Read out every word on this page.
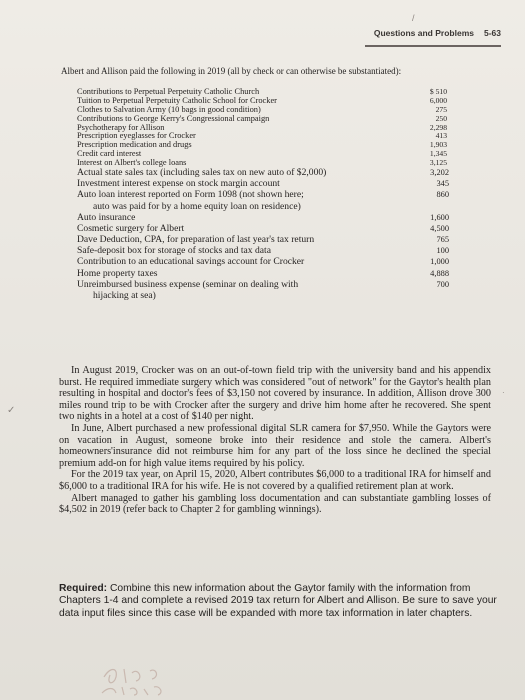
Questions and Problems 5-63
/
Albert and Allison paid the following in 2019 (all by check or can otherwise be substantiated):
Contributions to Perpetual Perpetuity Catholic Church	$ 510
Tuition to Perpetual Perpetuity Catholic School for Crocker	6,000
Clothes to Salvation Army (10 bags in good condition)	275
Contributions to George Kerry's Congressional campaign	250
Psychotherapy for Allison	2,298
Prescription eyeglasses for Crocker	413
Prescription medication and drugs	1,903
Credit card interest	1,345
Interest on Albert's college loans	3,125
Actual state sales tax (including sales tax on new auto of $2,000)	3,202
Investment interest expense on stock margin account	345
Auto loan interest reported on Form 1098 (not shown here;	860
auto was paid for by a home equity loan on residence)
Auto insurance	1,600
Cosmetic surgery for Albert	4,500
Dave Deduction, CPA, for preparation of last year's tax return	765
Safe-deposit box for storage of stocks and tax data	100
Contribution to an educational savings account for Crocker	1,000
Home property taxes	4,888
Unreimbursed business expense (seminar on dealing with	700
hijacking at sea)
✓
·

In August 2019, Crocker was on an out-of-town field trip with the university band and his appendix burst. He required immediate surgery which was considered "out of network" for the Gaytor's health plan resulting in hospital and doctor's fees of $3,150 not covered by insurance. In addition, Allison drove 300 miles round trip to be with Crocker after the surgery and drive him home after he recovered. She spent two nights in a hotel at a cost of $140 per night.

In June, Albert purchased a new professional digital SLR camera for $7,950. While the Gaytors were on vacation in August, someone broke into their residence and stole the camera. Albert's homeowners'insurance did not reimburse him for any part of the loss since he declined the special premium add-on for high value items required by his policy.

For the 2019 tax year, on April 15, 2020, Albert contributes $6,000 to a traditional IRA for himself and $6,000 to a traditional IRA for his wife. He is not covered by a qualified retirement plan at work.

Albert managed to gather his gambling loss documentation and can substantiate gambling losses of $4,502 in 2019 (refer back to Chapter 2 for gambling winnings).

Required: Combine this new information about the Gaytor family with the information from Chapters 1-4 and complete a revised 2019 tax return for Albert and Allison. Be sure to save your data input files since this case will be expanded with more tax information in later chapters.
